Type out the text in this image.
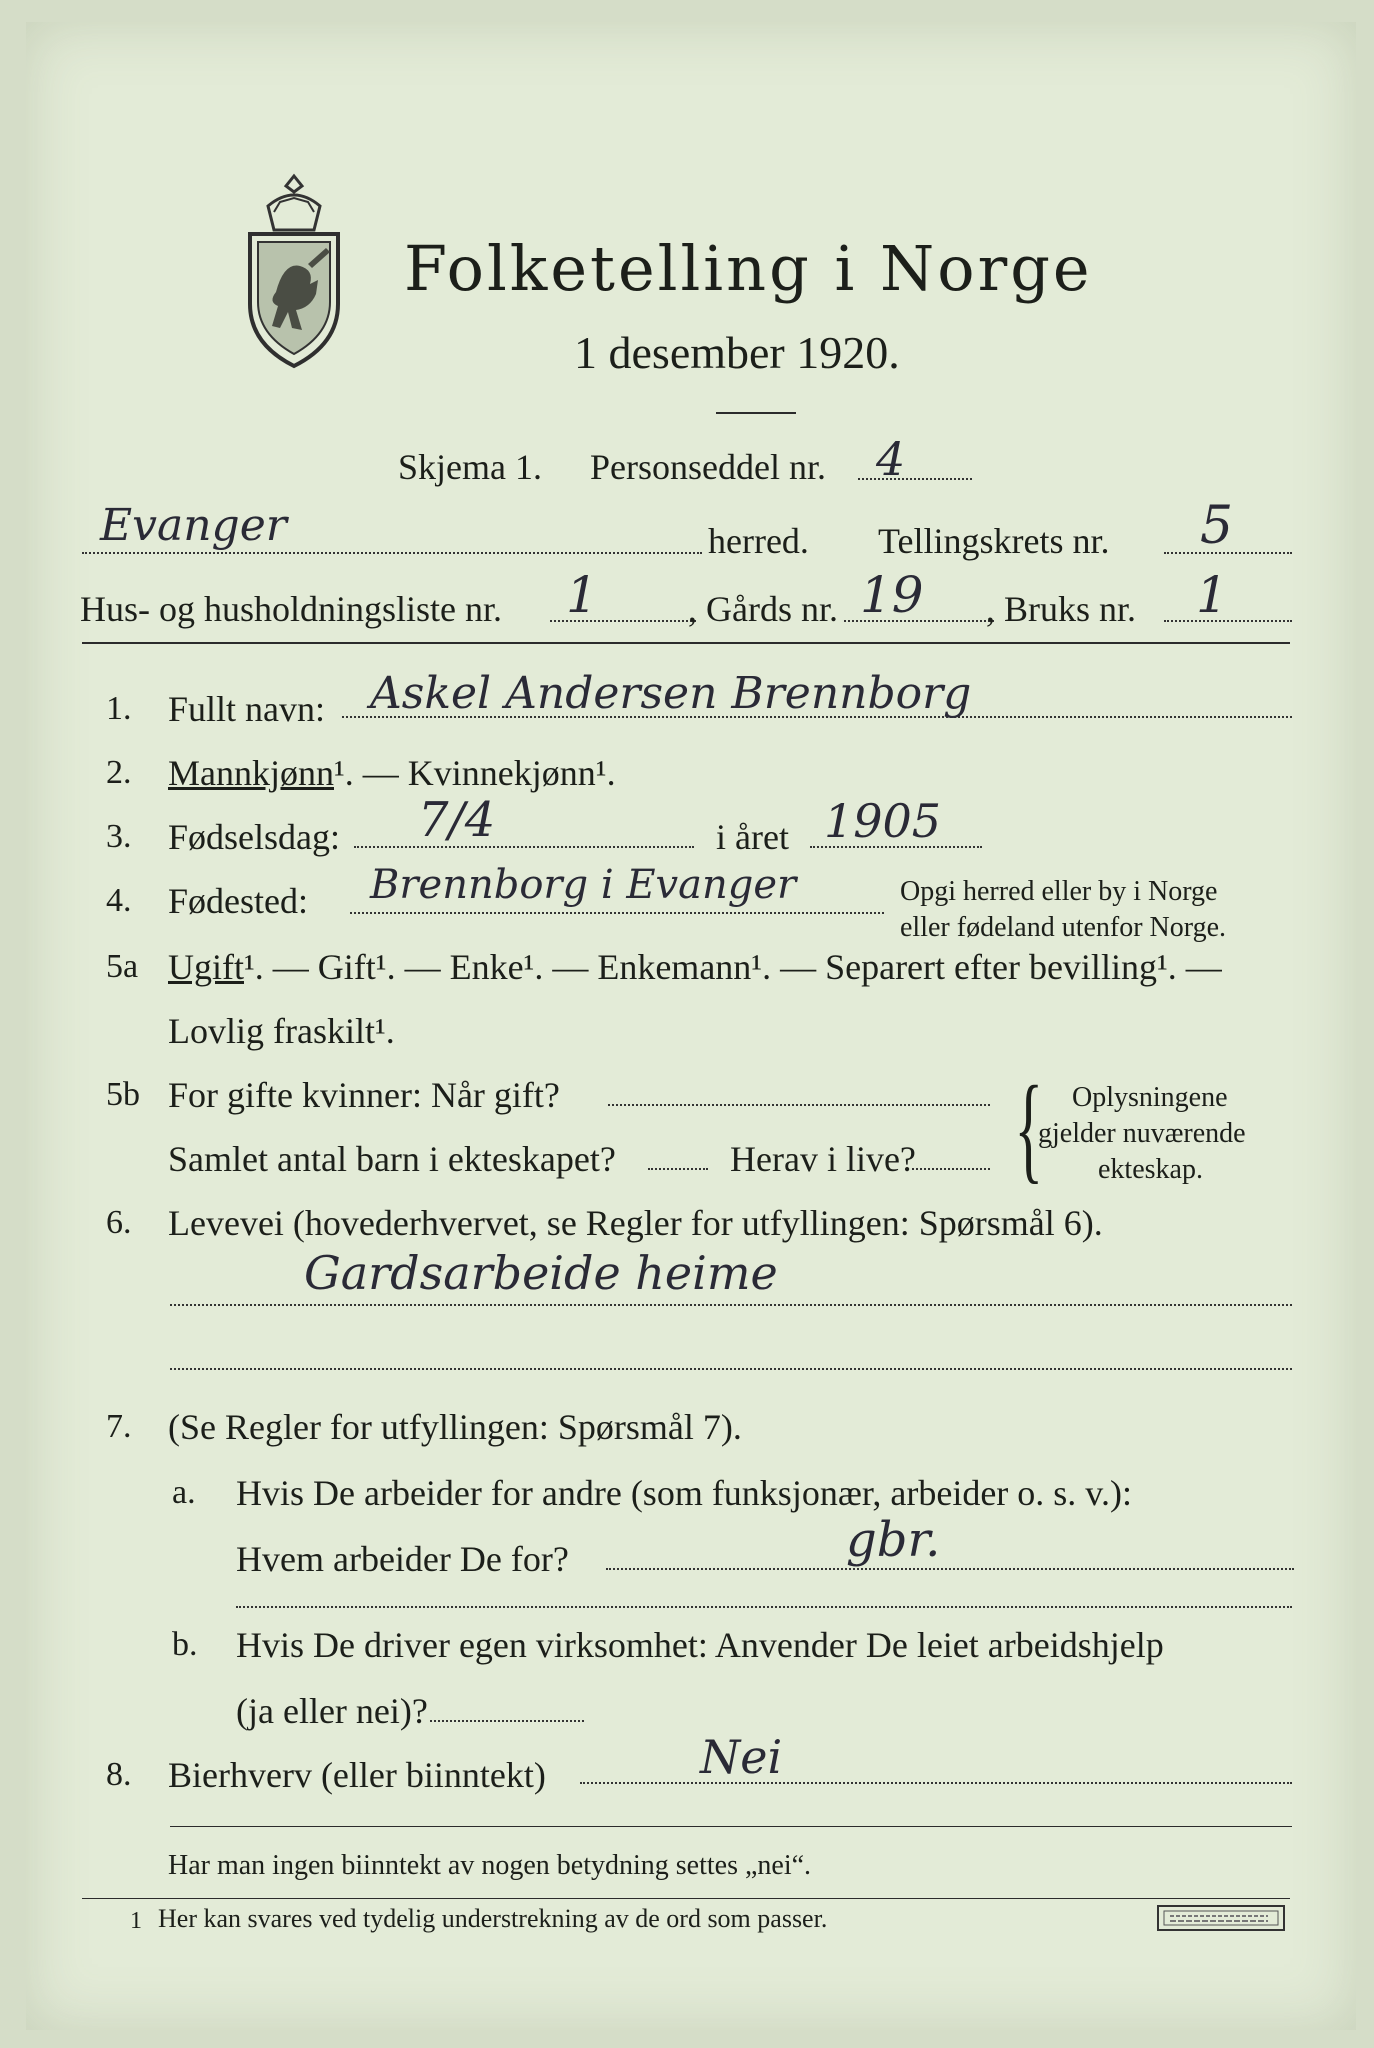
Folketelling i Norge
1 desember 1920.
Skjema 1. Personseddel nr. 4
Evanger	herred. Tellingskrets nr. 5
Hus- og husholdningsliste nr. 1	, Gårds nr. 19 , Bruks nr. 1
1. Fullt navn: Askel Andersen Brennborg
2. Mannkjønn¹. — Kvinnekjønn¹.
3. Fødselsdag: 7/4	i året 1905
4. Fødested: Brennborg i Evanger	Opgi herred eller by i Norge
eller fødeland utenfor Norge.
5a Ugift¹. — Gift¹. — Enke¹. — Enkemann¹. — Separert efter bevilling¹. —
Lovlig fraskilt¹.
5b For gifte kvinner: Når gift?
Samlet antal barn i ekteskapet?	Herav i live? { Oplysningene
gjelder nuværende
ekteskap.
6. Levevei (hovederhvervet, se Regler for utfyllingen: Spørsmål 6).
Gardsarbeide heime
7. (Se Regler for utfyllingen: Spørsmål 7).
a. Hvis De arbeider for andre (som funksjonær, arbeider o. s. v.):
Hvem arbeider De for?	gbr.
b. Hvis De driver egen virksomhet: Anvender De leiet arbeidshjelp
(ja eller nei)?
8. Bierhverv (eller biinntekt)	Nei
Har man ingen biinntekt av nogen betydning settes „nei“.
1 Her kan svares ved tydelig understrekning av de ord som passer.
